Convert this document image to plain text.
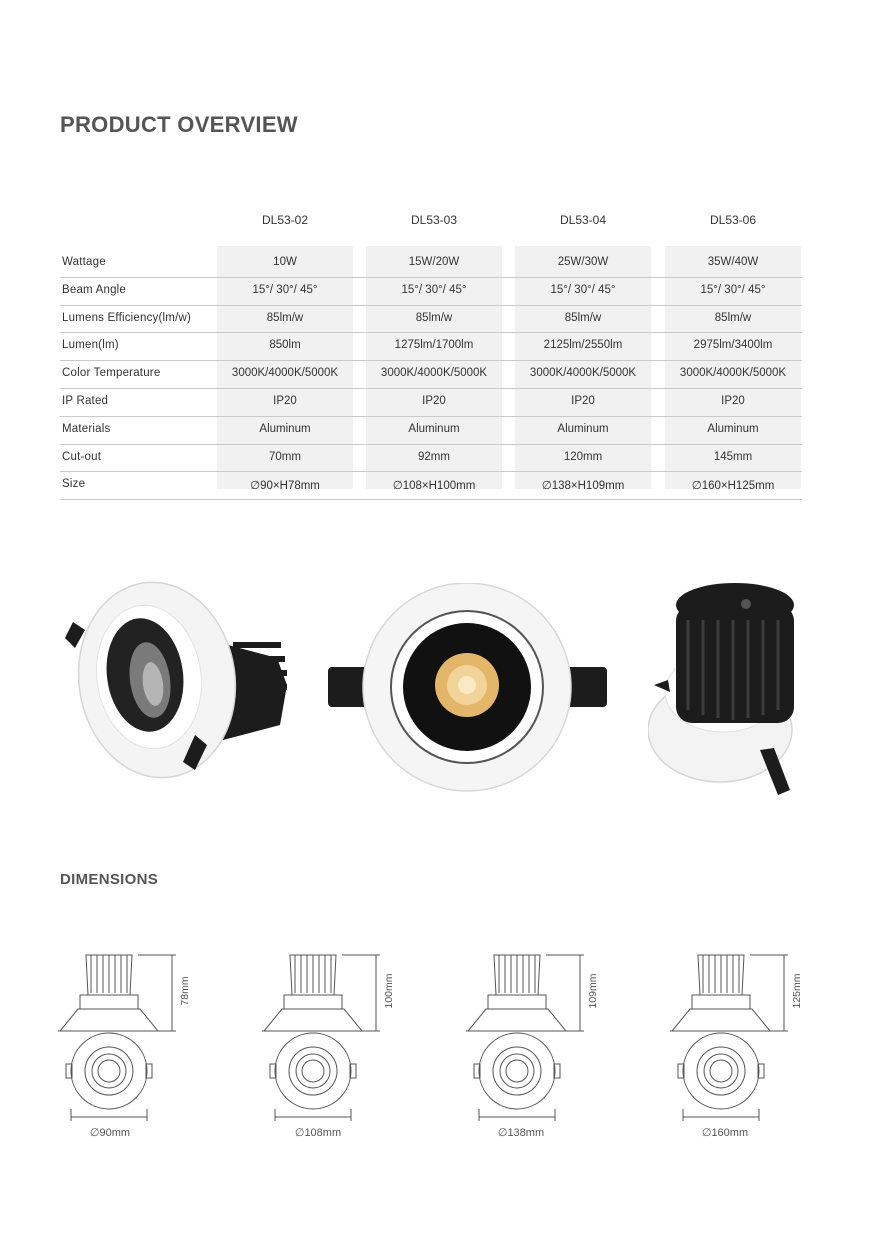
PRODUCT OVERVIEW
DL53-02	DL53-03	DL53-04	DL53-06
Wattage	10W	15W/20W	25W/30W	35W/40W
Beam Angle	15°/ 30°/ 45°	15°/ 30°/ 45°	15°/ 30°/ 45°	15°/ 30°/ 45°
Lumens Efficiency(lm/w)	85lm/w	85lm/w	85lm/w	85lm/w
Lumen(lm)	850lm	1275lm/1700lm	2125lm/2550lm	2975lm/3400lm
Color Temperature	3000K/4000K/5000K	3000K/4000K/5000K	3000K/4000K/5000K	3000K/4000K/5000K
IP Rated	IP20	IP20	IP20	IP20
Materials	Aluminum	Aluminum	Aluminum	Aluminum
Cut-out	70mm	92mm	120mm	145mm
Size	∅90×H78mm	∅108×H100mm	∅138×H109mm	∅160×H125mm
DIMENSIONS
78mm
∅90mm
100mm
∅108mm
109mm
∅138mm
125mm
∅160mm
